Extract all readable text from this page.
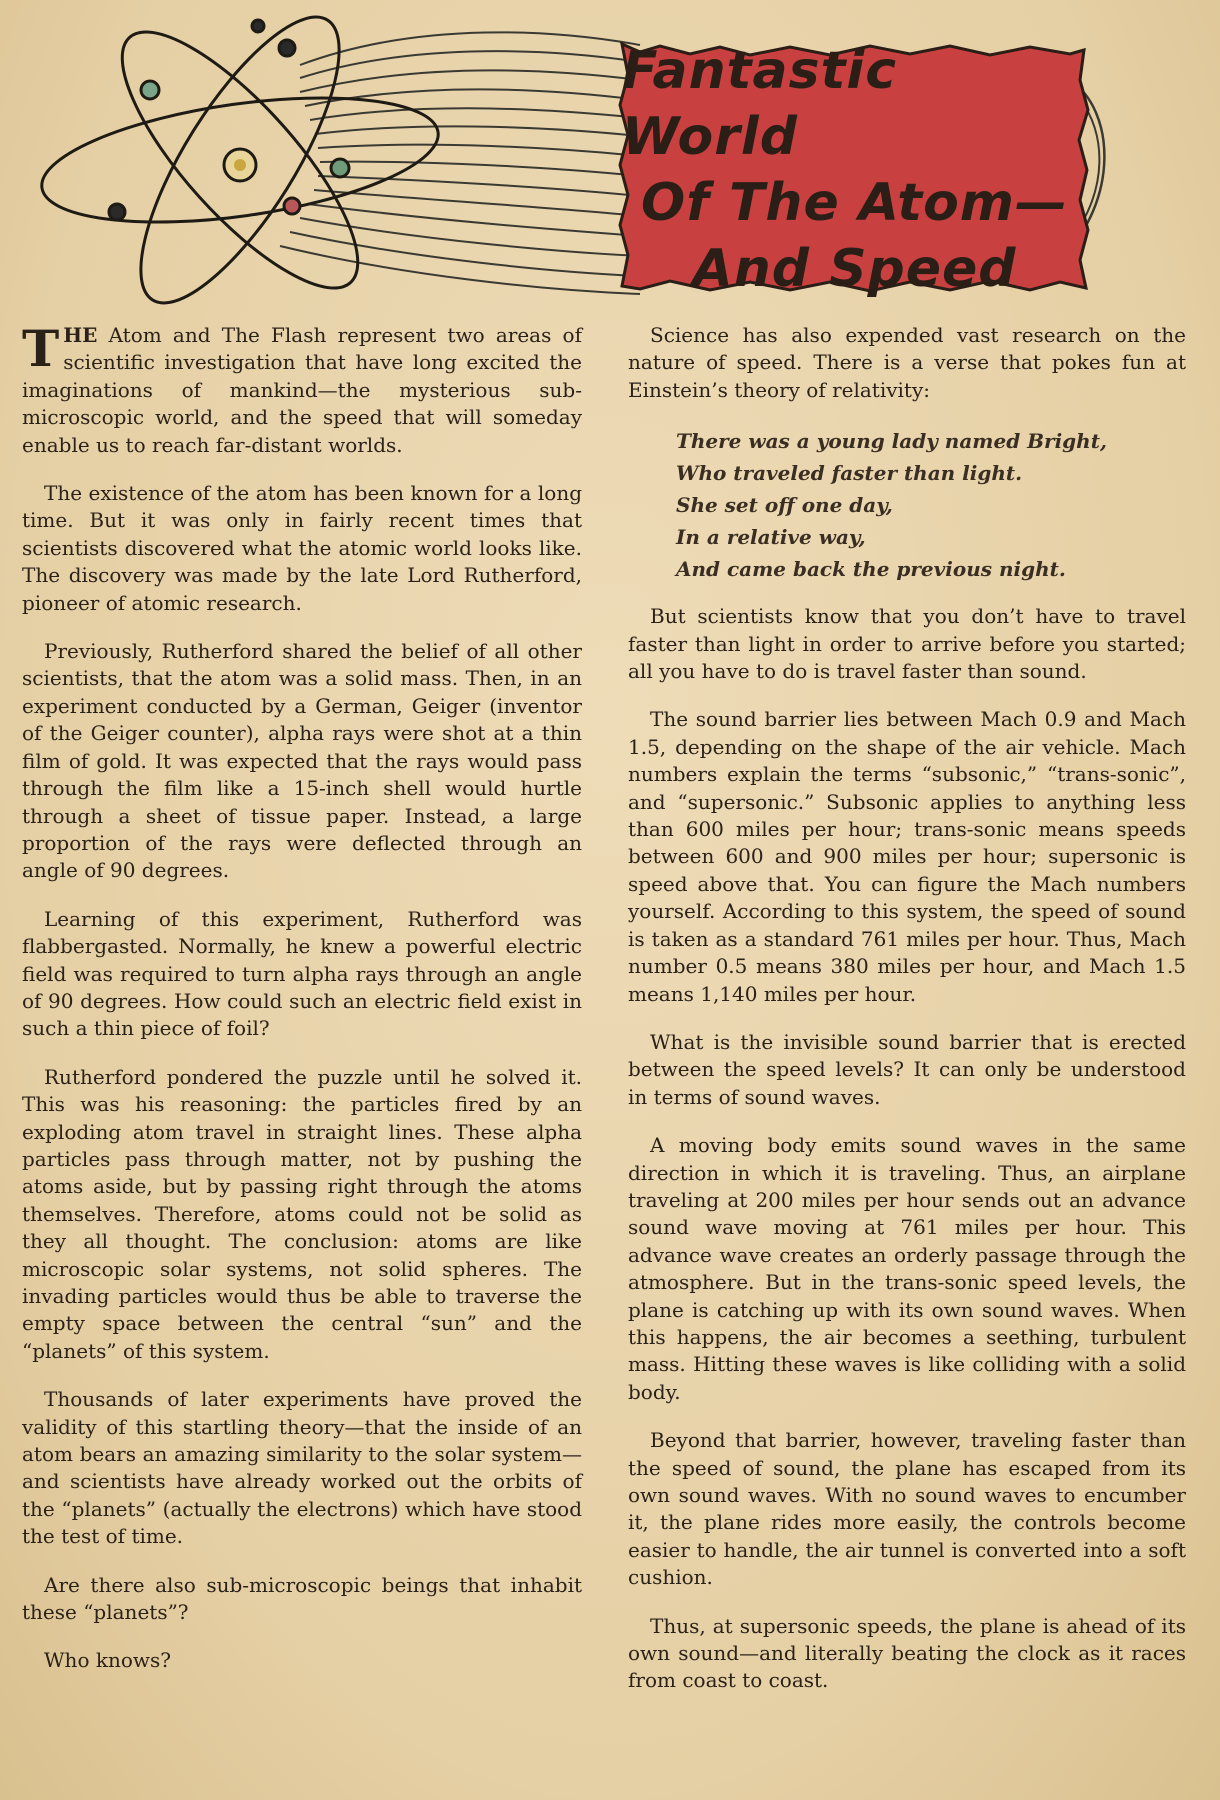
Fantastic World
Of The Atom—
And Speed

THE Atom and The Flash represent two areas of scientific investigation that have long excited the imaginations of mankind—the mysterious sub-microscopic world, and the speed that will someday enable us to reach far-distant worlds.

The existence of the atom has been known for a long time. But it was only in fairly recent times that scientists discovered what the atomic world looks like. The discovery was made by the late Lord Rutherford, pioneer of atomic research.

Previously, Rutherford shared the belief of all other scientists, that the atom was a solid mass. Then, in an experiment conducted by a German, Geiger (inventor of the Geiger counter), alpha rays were shot at a thin film of gold. It was expected that the rays would pass through the film like a 15-inch shell would hurtle through a sheet of tissue paper. Instead, a large proportion of the rays were deflected through an angle of 90 degrees.

Learning of this experiment, Rutherford was flabbergasted. Normally, he knew a powerful electric field was required to turn alpha rays through an angle of 90 degrees. How could such an electric field exist in such a thin piece of foil?

Rutherford pondered the puzzle until he solved it. This was his reasoning: the particles fired by an exploding atom travel in straight lines. These alpha particles pass through matter, not by pushing the atoms aside, but by passing right through the atoms themselves. Therefore, atoms could not be solid as they all thought. The conclusion: atoms are like microscopic solar systems, not solid spheres. The invading particles would thus be able to traverse the empty space between the central “sun” and the “planets” of this system.

Thousands of later experiments have proved the validity of this startling theory—that the inside of an atom bears an amazing similarity to the solar system—and scientists have already worked out the orbits of the “planets” (actually the electrons) which have stood the test of time.

Are there also sub-microscopic beings that inhabit these “planets”?

Who knows?

Science has also expended vast research on the nature of speed. There is a verse that pokes fun at Einstein’s theory of relativity:

There was a young lady named Bright,
Who traveled faster than light.
She set off one day,
In a relative way,
And came back the previous night.

But scientists know that you don’t have to travel faster than light in order to arrive before you started; all you have to do is travel faster than sound.

The sound barrier lies between Mach 0.9 and Mach 1.5, depending on the shape of the air vehicle. Mach numbers explain the terms “subsonic,” “trans-sonic”, and “supersonic.” Subsonic applies to anything less than 600 miles per hour; trans-sonic means speeds between 600 and 900 miles per hour; supersonic is speed above that. You can figure the Mach numbers yourself. According to this system, the speed of sound is taken as a standard 761 miles per hour. Thus, Mach number 0.5 means 380 miles per hour, and Mach 1.5 means 1,140 miles per hour.

What is the invisible sound barrier that is erected between the speed levels? It can only be understood in terms of sound waves.

A moving body emits sound waves in the same direction in which it is traveling. Thus, an airplane traveling at 200 miles per hour sends out an advance sound wave moving at 761 miles per hour. This advance wave creates an orderly passage through the atmosphere. But in the trans-sonic speed levels, the plane is catching up with its own sound waves. When this happens, the air becomes a seething, turbulent mass. Hitting these waves is like colliding with a solid body.

Beyond that barrier, however, traveling faster than the speed of sound, the plane has escaped from its own sound waves. With no sound waves to encumber it, the plane rides more easily, the controls become easier to handle, the air tunnel is converted into a soft cushion.

Thus, at supersonic speeds, the plane is ahead of its own sound—and literally beating the clock as it races from coast to coast.
